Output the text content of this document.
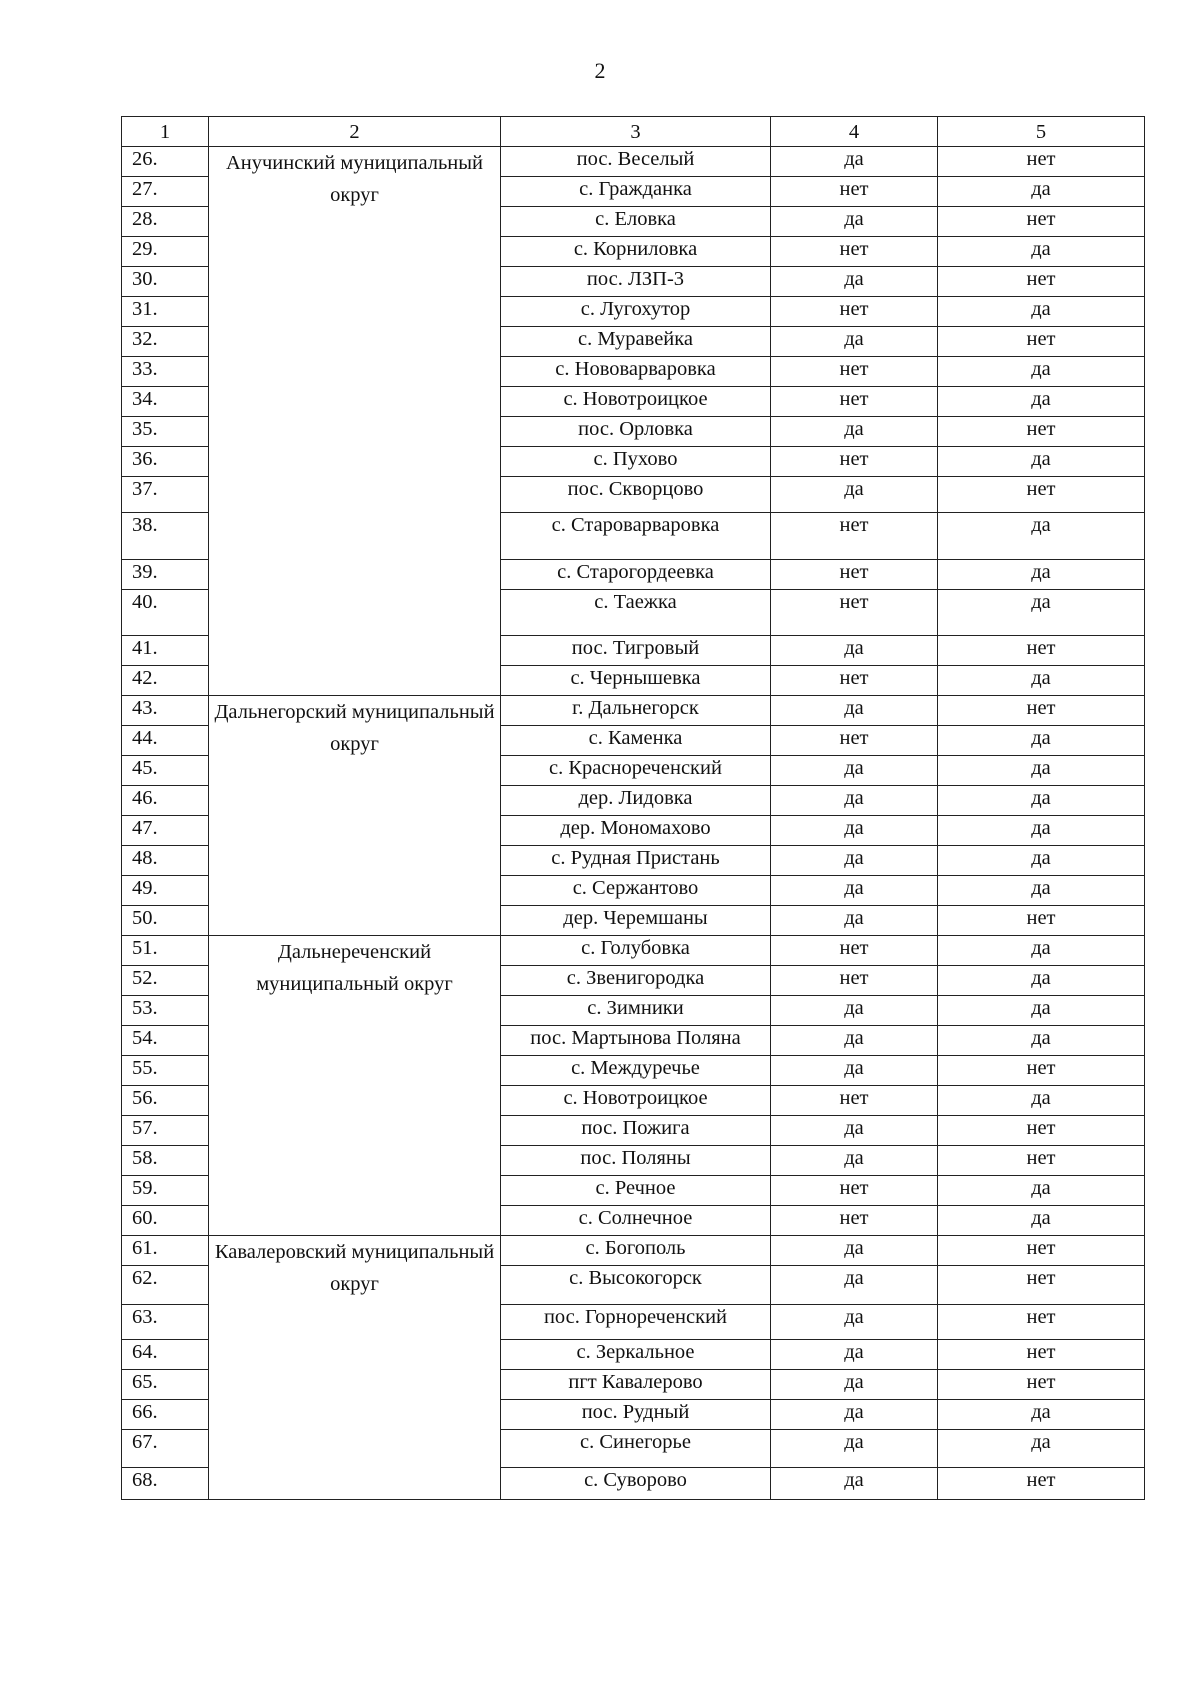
2
1	2	3	4	5
26.	Анучинский муниципальный округ	пос. Веселый	да	нет
27.		с. Гражданка	нет	да
28.		с. Еловка	да	нет
29.		с. Корниловка	нет	да
30.		пос. ЛЗП-3	да	нет
31.		с. Лугохутор	нет	да
32.		с. Муравейка	да	нет
33.		с. Нововарваровка	нет	да
34.		с. Новотроицкое	нет	да
35.		пос. Орловка	да	нет
36.		с. Пухово	нет	да
37.		пос. Скворцово	да	нет
38.		с. Староварваровка	нет	да
39.		с. Старогордеевка	нет	да
40.		с. Таежка	нет	да
41.		пос. Тигровый	да	нет
42.		с. Чернышевка	нет	да
43.	Дальнегорский муниципальный округ	г. Дальнегорск	да	нет
44.		с. Каменка	нет	да
45.		с. Краснореченский	да	да
46.		дер. Лидовка	да	да
47.		дер. Мономахово	да	да
48.		с. Рудная Пристань	да	да
49.		с. Сержантово	да	да
50.		дер. Черемшаны	да	нет
51.	Дальнереченский муниципальный округ	с. Голубовка	нет	да
52.		с. Звенигородка	нет	да
53.		с. Зимники	да	да
54.		пос. Мартынова Поляна	да	да
55.		с. Междуречье	да	нет
56.		с. Новотроицкое	нет	да
57.		пос. Пожига	да	нет
58.		пос. Поляны	да	нет
59.		с. Речное	нет	да
60.		с. Солнечное	нет	да
61.	Кавалеровский муниципальный округ	с. Богополь	да	нет
62.		с. Высокогорск	да	нет
63.		пос. Горнореченский	да	нет
64.		с. Зеркальное	да	нет
65.		пгт Кавалерово	да	нет
66.		пос. Рудный	да	да
67.		с. Синегорье	да	да
68.		с. Суворово	да	нет
